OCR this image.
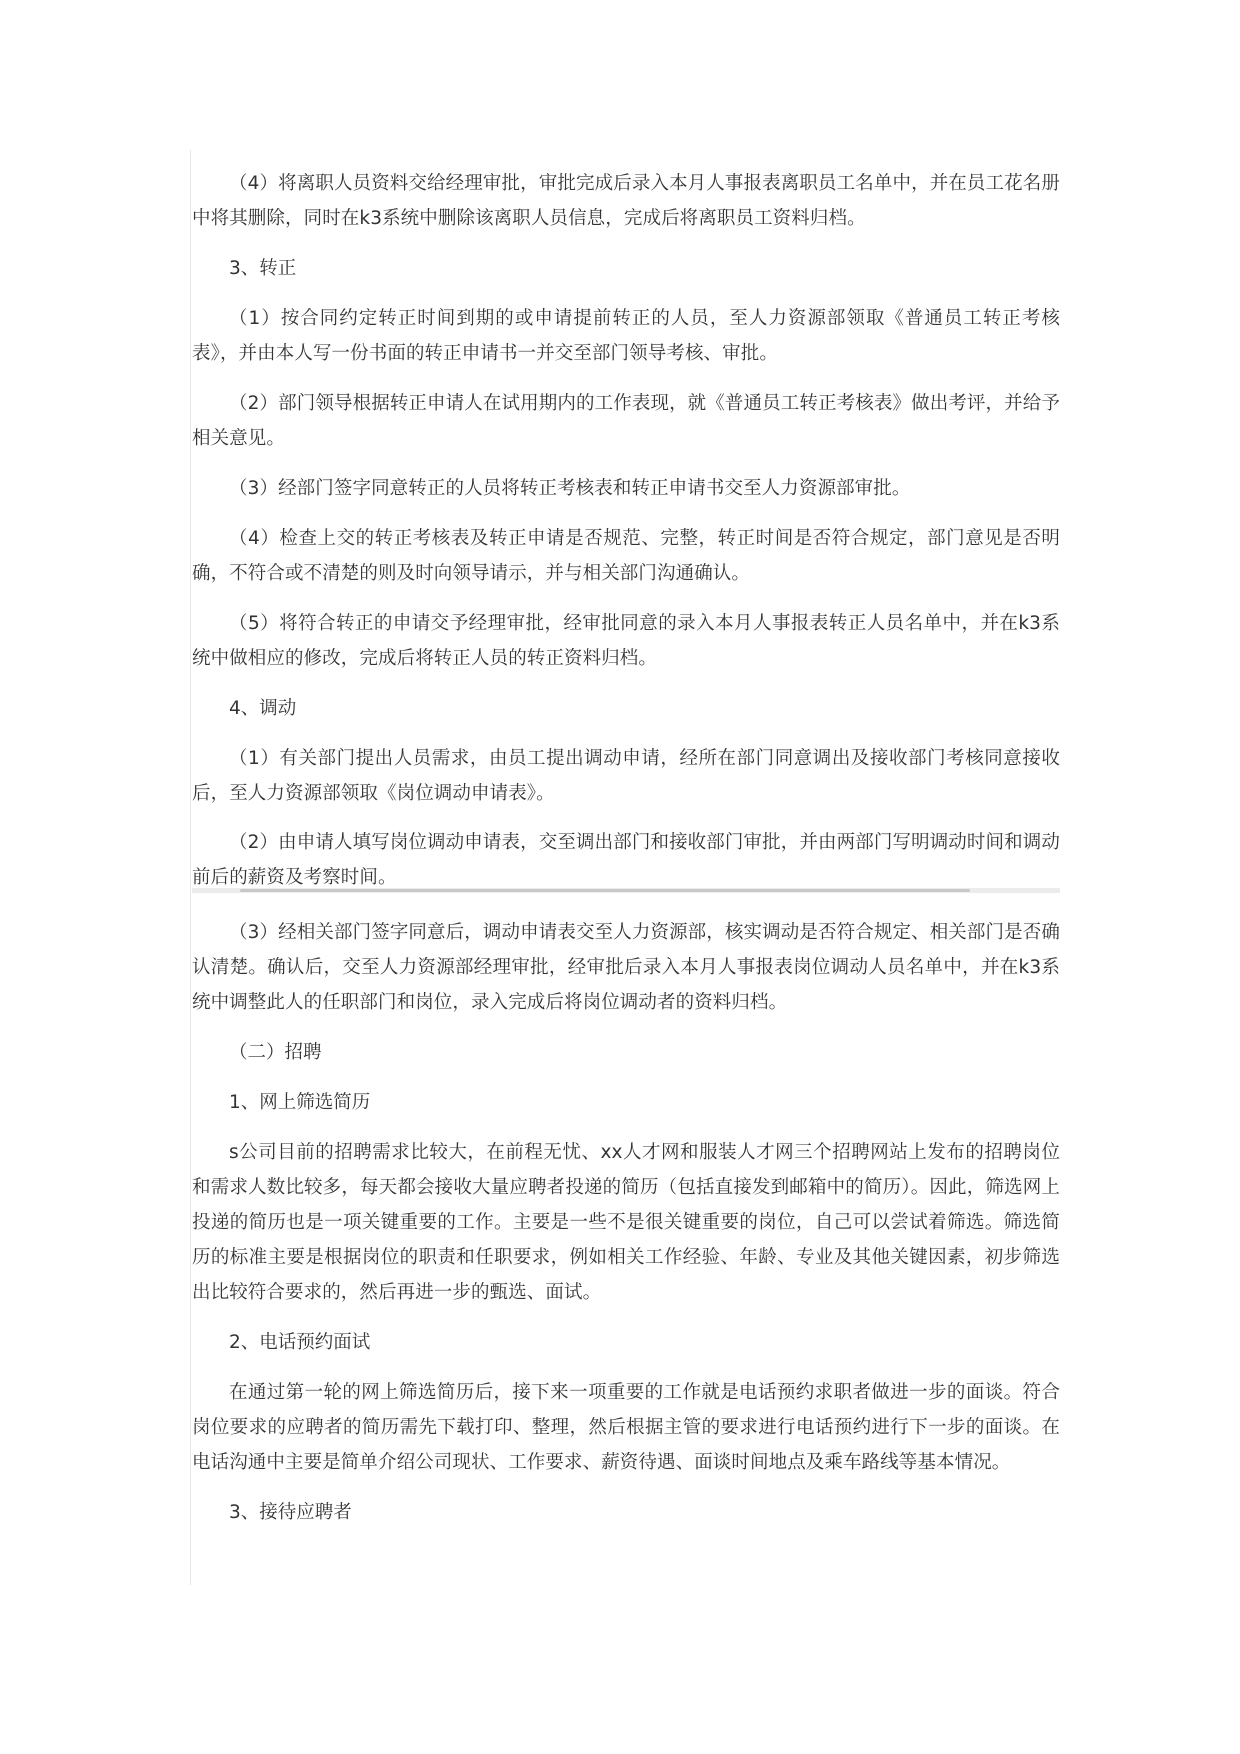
（4）将离职人员资料交给经理审批，审批完成后录入本月人事报表离职员工名单中，并在员工花名册中将其删除，同时在k3系统中删除该离职人员信息，完成后将离职员工资料归档。

3、转正

（1）按合同约定转正时间到期的或申请提前转正的人员，至人力资源部领取《普通员工转正考核表》，并由本人写一份书面的转正申请书一并交至部门领导考核、审批。

（2）部门领导根据转正申请人在试用期内的工作表现，就《普通员工转正考核表》做出考评，并给予相关意见。

（3）经部门签字同意转正的人员将转正考核表和转正申请书交至人力资源部审批。

（4）检查上交的转正考核表及转正申请是否规范、完整，转正时间是否符合规定，部门意见是否明确，不符合或不清楚的则及时向领导请示，并与相关部门沟通确认。

（5）将符合转正的申请交予经理审批，经审批同意的录入本月人事报表转正人员名单中，并在k3系统中做相应的修改，完成后将转正人员的转正资料归档。

4、调动

（1）有关部门提出人员需求，由员工提出调动申请，经所在部门同意调出及接收部门考核同意接收后，至人力资源部领取《岗位调动申请表》。

（2）由申请人填写岗位调动申请表，交至调出部门和接收部门审批，并由两部门写明调动时间和调动前后的薪资及考察时间。

（3）经相关部门签字同意后，调动申请表交至人力资源部，核实调动是否符合规定、相关部门是否确认清楚。确认后，交至人力资源部经理审批，经审批后录入本月人事报表岗位调动人员名单中，并在k3系统中调整此人的任职部门和岗位，录入完成后将岗位调动者的资料归档。

（二）招聘

1、网上筛选简历

s公司目前的招聘需求比较大，在前程无忧、xx人才网和服装人才网三个招聘网站上发布的招聘岗位和需求人数比较多，每天都会接收大量应聘者投递的简历（包括直接发到邮箱中的简历）。因此，筛选网上投递的简历也是一项关键重要的工作。主要是一些不是很关键重要的岗位，自己可以尝试着筛选。筛选简历的标准主要是根据岗位的职责和任职要求，例如相关工作经验、年龄、专业及其他关键因素，初步筛选出比较符合要求的，然后再进一步的甄选、面试。

2、电话预约面试

在通过第一轮的网上筛选简历后，接下来一项重要的工作就是电话预约求职者做进一步的面谈。符合岗位要求的应聘者的简历需先下载打印、整理，然后根据主管的要求进行电话预约进行下一步的面谈。在电话沟通中主要是简单介绍公司现状、工作要求、薪资待遇、面谈时间地点及乘车路线等基本情况。

3、接待应聘者
